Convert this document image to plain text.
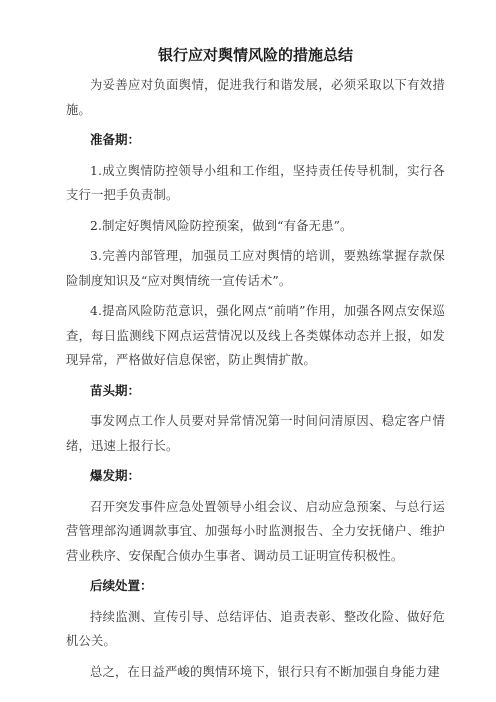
银行应对舆情风险的措施总结

为妥善应对负面舆情，促进我行和谐发展，必须采取以下有效措施。

准备期：

1.成立舆情防控领导小组和工作组，坚持责任传导机制，实行各支行一把手负责制。

2.制定好舆情风险防控预案，做到“有备无患”。

3.完善内部管理，加强员工应对舆情的培训，要熟练掌握存款保险制度知识及“应对舆情统一宣传话术”。

4.提高风险防范意识，强化网点“前哨”作用，加强各网点安保巡查，每日监测线下网点运营情况以及线上各类媒体动态并上报，如发现异常，严格做好信息保密，防止舆情扩散。

苗头期：

事发网点工作人员要对异常情况第一时间问清原因、稳定客户情绪，迅速上报行长。

爆发期：

召开突发事件应急处置领导小组会议、启动应急预案、与总行运营管理部沟通调款事宜、加强每小时监测报告、全力安抚储户、维护营业秩序、安保配合侦办生事者、调动员工证明宣传积极性。

后续处置：

持续监测、宣传引导、总结评估、追责表彰、整改化险、做好危机公关。

总之，在日益严峻的舆情环境下，银行只有不断加强自身能力建
